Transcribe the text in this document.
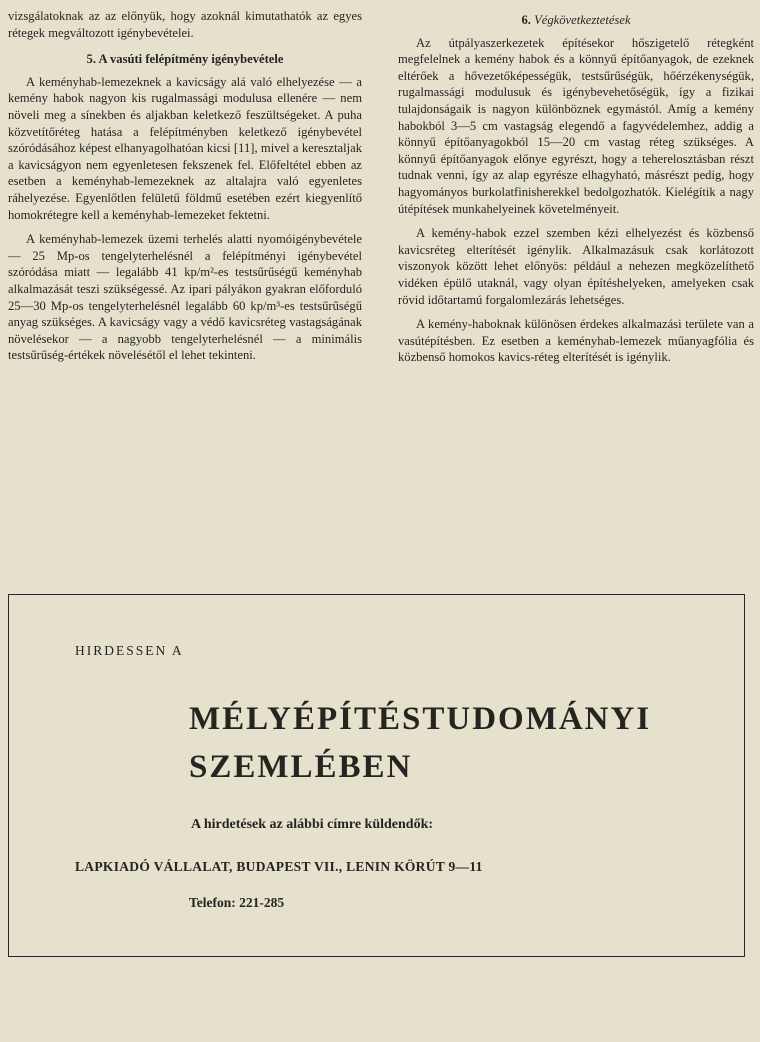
vizsgálatoknak az az előnyük, hogy azoknál kimutathatók az egyes rétegek megváltozott igénybevételei.

5. A vasúti felépítmény igénybevétele

A keményhab-lemezeknek a kavicságy alá való elhelyezése — a kemény habok nagyon kis rugalmassági modulusa ellenére — nem növeli meg a sínekben és aljakban keletkező feszültségeket. A puha közvetítőréteg hatása a felépítményben keletkező igénybevétel szóródásához képest elhanyagolhatóan kicsi [11], mivel a keresztaljak a kavicságyon nem egyenletesen fekszenek fel. Előfeltétel ebben az esetben a keményhab-lemezeknek az altalajra való egyenletes ráhelyezése. Egyenlőtlen felületű földmű esetében ezért kiegyenlítő homokrétegre kell a keményhab-lemezeket fektetni.

A keményhab-lemezek üzemi terhelés alatti nyomóigénybevétele — 25 Mp-os tengelyterhelésnél a felépítményi igénybevétel szóródása miatt — legalább 41 kp/m²-es testsűrűségű keményhab alkalmazását teszi szükségessé. Az ipari pályákon gyakran előforduló 25—30 Mp-os tengelyterhelésnél legalább 60 kp/m³-es testsűrűségű anyag szükséges. A kavicságy vagy a védő kavicsréteg vastagságának növelésekor — a nagyobb tengelyterhelésnél — a minimális testsűrűség-értékek növelésétől el lehet tekinteni.

6. Végkövetkeztetések

Az útpályaszerkezetek építésekor hőszigetelő rétegként megfelelnek a kemény habok és a könnyű építőanyagok, de ezeknek eltérőek a hővezetőképességük, testsűrűségük, hőérzékenységük, rugalmassági modulusuk és igénybevehetőségük, így a fizikai tulajdonságaik is nagyon különböznek egymástól. Amíg a kemény habokból 3—5 cm vastagság elegendő a fagyvédelemhez, addig a könnyű építőanyagokból 15—20 cm vastag réteg szükséges. A könnyű építőanyagok előnye egyrészt, hogy a teherelosztásban részt tudnak venni, így az alap egyrésze elhagyható, másrészt pedig, hogy hagyományos burkolatfinisherekkel bedolgozhatók. Kielégítik a nagy útépítések munkahelyeinek követelményeit.

A kemény-habok ezzel szemben kézi elhelyezést és közbenső kavicsréteg elterítését igénylik. Alkalmazásuk csak korlátozott viszonyok között lehet előnyös: például a nehezen megközelíthető vidéken épülő utaknál, vagy olyan építéshelyeken, amelyeken csak rövid időtartamú forgalomlezárás lehetséges.

A kemény-haboknak különösen érdekes alkalmazási területe van a vasútépítésben. Ez esetben a keményhab-lemezek műanyagfólia és közbenső homokos kavics-réteg elterítését is igénylik.

HIRDESSEN A
MÉLYÉPÍTÉSTUDOMÁNYI
SZEMLÉBEN
A hirdetések az alábbi címre küldendők:
LAPKIADÓ VÁLLALAT, BUDAPEST VII., LENIN KÖRÚT 9—11
Telefon: 221-285
